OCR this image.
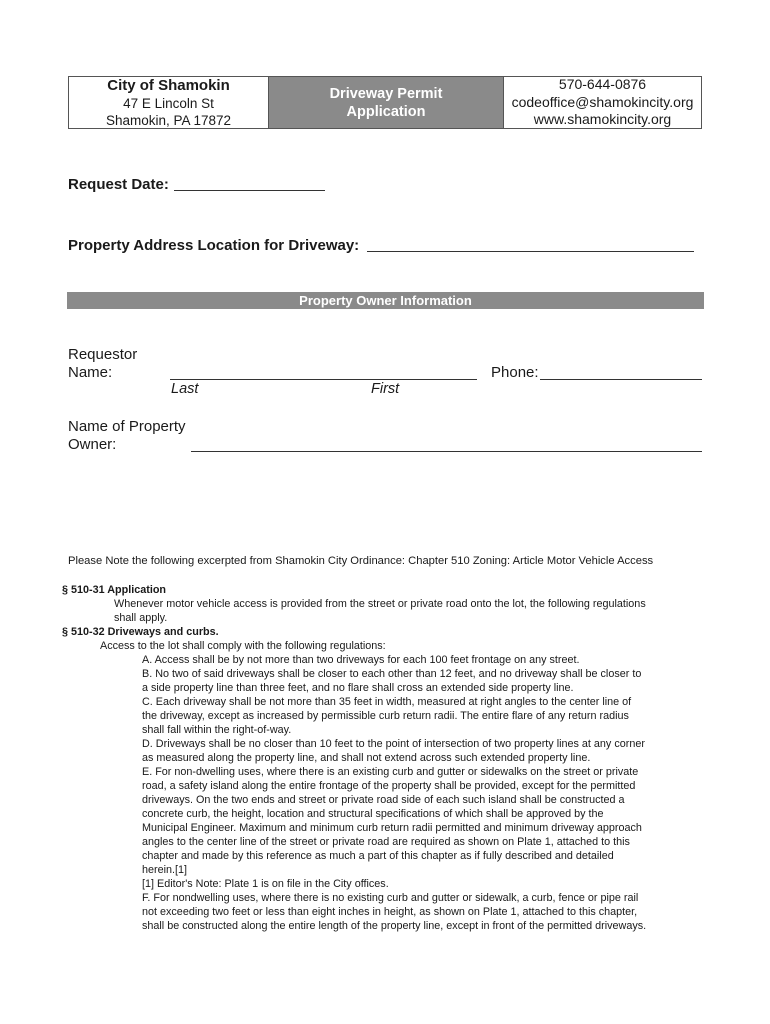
City of Shamokin
47 E Lincoln St
Shamokin, PA 17872
Driveway Permit
Application
570-644-0876
codeoffice@shamokincity.org
www.shamokincity.org
Request Date:
Property Address Location for Driveway:
Property Owner Information
Requestor
Name:
Last	First
Phone:
Name of Property
Owner:
Please Note the following excerpted from Shamokin City Ordinance: Chapter 510 Zoning: Article Motor Vehicle Access
§ 510-31 Application
Whenever motor vehicle access is provided from the street or private road onto the lot, the following regulations
shall apply.
§ 510-32 Driveways and curbs.
Access to the lot shall comply with the following regulations:
A. Access shall be by not more than two driveways for each 100 feet frontage on any street.
B. No two of said driveways shall be closer to each other than 12 feet, and no driveway shall be closer to
a side property line than three feet, and no flare shall cross an extended side property line.
C. Each driveway shall be not more than 35 feet in width, measured at right angles to the center line of
the driveway, except as increased by permissible curb return radii. The entire flare of any return radius
shall fall within the right-of-way.
D. Driveways shall be no closer than 10 feet to the point of intersection of two property lines at any corner
as measured along the property line, and shall not extend across such extended property line.
E. For non-dwelling uses, where there is an existing curb and gutter or sidewalks on the street or private
road, a safety island along the entire frontage of the property shall be provided, except for the permitted
driveways. On the two ends and street or private road side of each such island shall be constructed a
concrete curb, the height, location and structural specifications of which shall be approved by the
Municipal Engineer. Maximum and minimum curb return radii permitted and minimum driveway approach
angles to the center line of the street or private road are required as shown on Plate 1, attached to this
chapter and made by this reference as much a part of this chapter as if fully described and detailed
herein.[1]
[1] Editor's Note: Plate 1 is on file in the City offices.
F. For nondwelling uses, where there is no existing curb and gutter or sidewalk, a curb, fence or pipe rail
not exceeding two feet or less than eight inches in height, as shown on Plate 1, attached to this chapter,
shall be constructed along the entire length of the property line, except in front of the permitted driveways.
